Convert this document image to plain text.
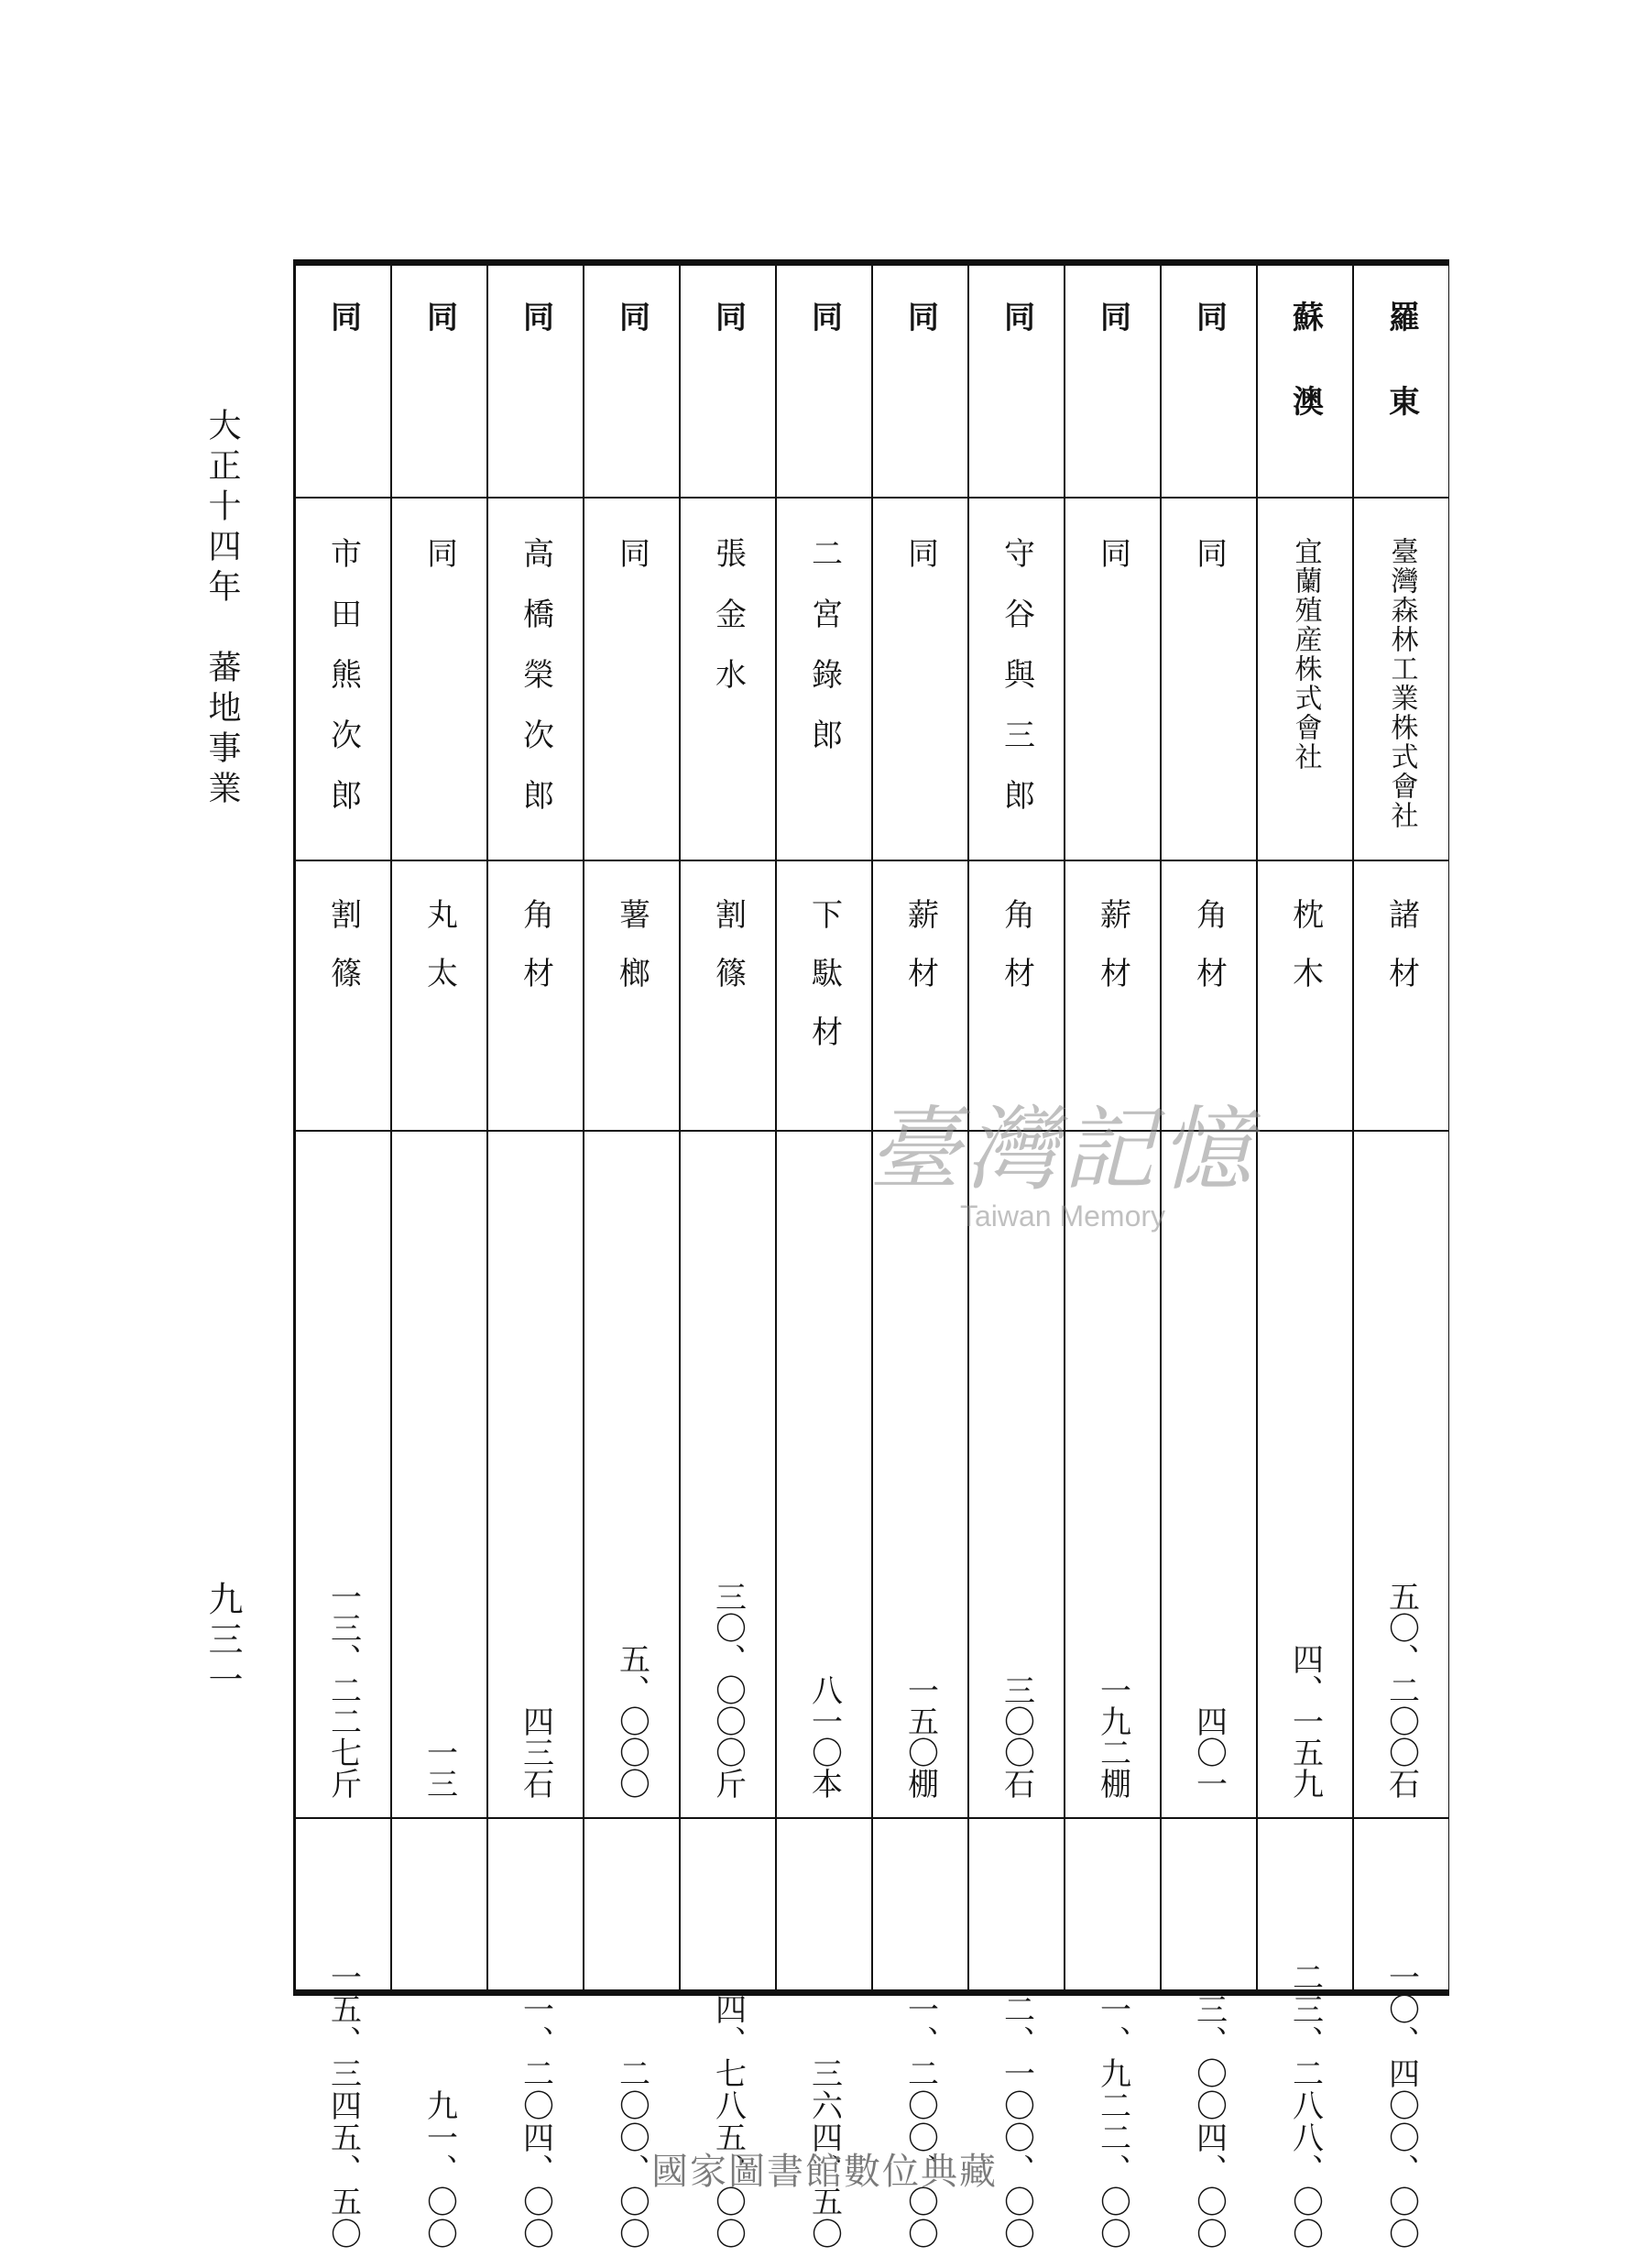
大正十四年　蕃地事業
九三一
羅東
臺灣森林工業株式會社
諸材
五〇、二〇〇石
一〇、四〇〇、〇〇
蘇澳
宜蘭殖産株式會社
枕木
四、一五九
二三、二八八、〇〇
同
同
角材
四〇一
三、〇〇四、〇〇
同
同
薪材
一九二棚
一、九二二、〇〇
同
守谷與三郎
角材
三〇〇石
二、一〇〇、〇〇
同
同
薪材
一五〇棚
一、二〇〇、〇〇
同
二宮錄郎
下駄材
八一〇本
三六四、五〇
同
張金水
割篠
三〇、〇〇〇斤
四、七八五、〇〇
同
同
薯榔
五、〇〇〇
二〇〇、〇〇
同
高橋榮次郎
角材
四三石
一、二〇四、〇〇
同
同
丸太
一三
九一、〇〇
同
市田熊次郎
割篠
一三、二二七斤
一五、三四五、五〇
臺灣記憶
Taiwan Memory
國家圖書館數位典藏
